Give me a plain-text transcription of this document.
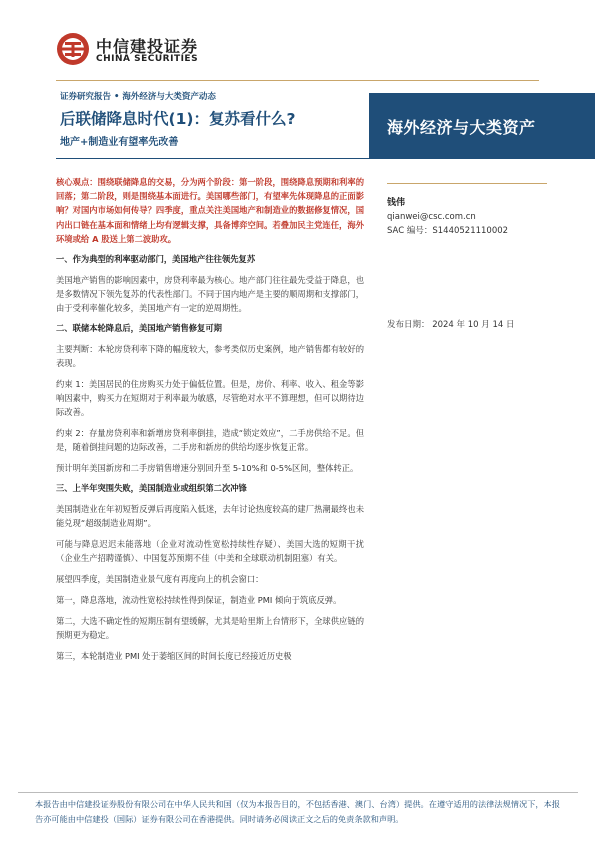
中信建投证券
CHINA SECURITIES
证券研究报告 • 海外经济与大类资产动态
后联储降息时代(1)：复苏看什么?
地产+制造业有望率先改善
海外经济与大类资产

核心观点：围绕联储降息的交易，分为两个阶段：第一阶段，围绕降息预期和利率的回落；第二阶段，则是围绕基本面进行。美国哪些部门，有望率先体现降息的正面影响？对国内市场如何传导？四季度，重点关注美国地产和制造业的数据修复情况，国内出口链在基本面和情绪上均有逻辑支撑，具备博弈空间。若叠加民主党连任，海外环境或给 A 股送上第二波助攻。

一、作为典型的利率驱动部门，美国地产往往领先复苏

美国地产销售的影响因素中，房贷利率最为核心。地产部门往往最先受益于降息，也是多数情况下领先复苏的代表性部门。不同于国内地产是主要的顺周期和支撑部门，由于受利率催化较多，美国地产有一定的逆周期性。

二、联储本轮降息后，美国地产销售修复可期

主要判断：本轮房贷利率下降的幅度较大，参考类似历史案例，地产销售都有较好的表现。

约束 1：美国居民的住房购买力处于偏低位置。但是，房价、利率、收入、租金等影响因素中，购买力在短期对于利率最为敏感，尽管绝对水平不算理想，但可以期待边际改善。

约束 2：存量房贷利率和新增房贷利率倒挂，造成“锁定效应”，二手房供给不足。但是，随着倒挂问题的边际改善，二手房和新房的供给均逐步恢复正常。

预计明年美国新房和二手房销售增速分别回升至 5-10%和 0-5%区间，整体转正。

三、上半年突围失败，美国制造业或组织第二次冲锋

美国制造业在年初短暂反弹后再度陷入低迷，去年讨论热度较高的建厂热潮最终也未能兑现“超级制造业周期”。

可能与降息迟迟未能落地（企业对流动性宽松持续性存疑）、美国大选的短期干扰（企业生产招聘谨慎）、中国复苏预期不佳（中美和全球联动机制阻塞）有关。

展望四季度，美国制造业景气度有再度向上的机会窗口：

第一，降息落地，流动性宽松持续性得到保证，制造业 PMI 倾向于筑底反弹。

第二，大选不确定性的短期压制有望缓解，尤其是哈里斯上台情形下，全球供应链的预期更为稳定。

第三，本轮制造业 PMI 处于萎缩区间的时间长度已经接近历史极

钱伟
qianwei@csc.com.cn
SAC 编号：S1440521110002
发布日期： 2024 年 10 月 14 日
本报告由中信建投证券股份有限公司在中华人民共和国（仅为本报告目的，不包括香港、澳门、台湾）提供。在遵守适用的法律法规情况下，本报告亦可能由中信建投（国际）证券有限公司在香港提供。同时请务必阅读正文之后的免责条款和声明。
